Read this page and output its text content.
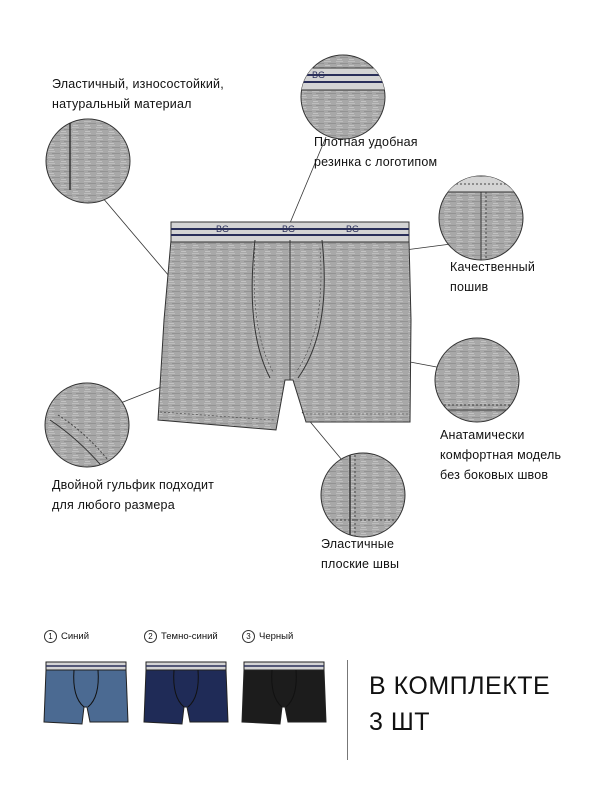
Эластичный, износостойкий,
натуральный материал
Плотная удобная
резинка с логотипом
Качественный
пошив
Анатамически
комфортная модель
без боковых швов
Двойной гульфик подходит
для любого размера
Эластичные
плоские швы
1 Синий	2 Темно-синий	3 Черный
В КОМПЛЕКТЕ
3 ШТ
BG	BG	BG
BG
